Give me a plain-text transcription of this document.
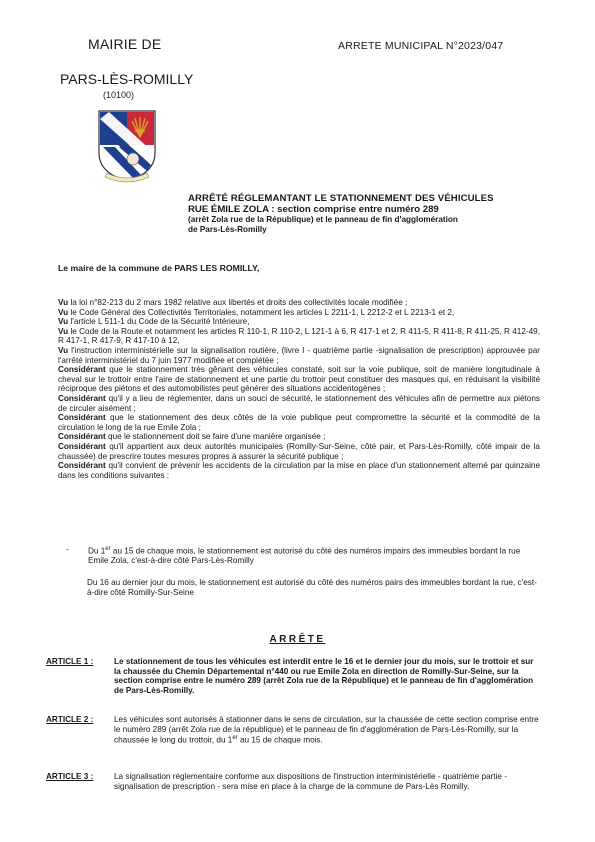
MAIRIE DE
PARS-LÈS-ROMILLY
(10100)
ARRETE MUNICIPAL N°2023/047
ARRÊTÉ RÉGLEMANTANT LE STATIONNEMENT DES VÉHICULES
RUE ÉMILE ZOLA : section comprise entre numéro 289
(arrêt Zola rue de la République) et le panneau de fin d'agglomération
de Pars-Lès-Romilly
Le maire de la commune de PARS LES ROMILLY,

Vu la loi n°82-213 du 2 mars 1982 relative aux libertés et droits des collectivités locale modifiée ;

Vu le Code Général des Collectivités Territoriales, notamment les articles L 2211-1, L 2212-2 et L 2213-1 et 2,

Vu l'article L 511-1 du Code de la Sécurité Intérieure,

Vu le Code de la Route et notamment les articles R 110-1, R 110-2, L 121-1 à 6, R 417-1 et 2, R 411-5, R 411-8, R 411-25, R 412-49, R 417-1, R 417-9, R 417-10 à 12,

Vu l'instruction interministérielle sur la signalisation routière, (livre I - quatrième partie -signalisation de prescription) approuvée par l'arrêté interministériel du 7 juin 1977 modifiée et complétée ;

Considérant que le stationnement très gênant des véhicules constaté, soit sur la voie publique, soit de manière longitudinale à cheval sur le trottoir entre l'aire de stationnement et une partie du trottoir peut constituer des masques qui, en réduisant la visibilité réciproque des piétons et des automobilistes peut générer des situations accidentogènes ;

Considérant qu'il y a lieu de réglementer, dans un souci de sécurité, le stationnement des véhicules afin de permettre aux piétons de circuler aisément ;

Considérant que le stationnement des deux côtés de la voie publique peut compromettre la sécurité et la commodité de la circulation le long de la rue Emile Zola ;

Considérant que le stationnement doit se faire d'une manière organisée ;

Considérant qu'il appartient aux deux autorités municipales (Romilly-Sur-Seine, côté pair, et Pars-Lès-Romilly, côté impair de la chaussée) de prescrire toutes mesures propres à assurer la sécurité publique ;

Considérant qu'il convient de prévenir les accidents de la circulation par la mise en place d'un stationnement alterné par quinzaine dans les conditions suivantes :

- Du 1er au 15 de chaque mois, le stationnement est autorisé du côté des numéros impairs des immeubles bordant la rue Emile Zola, c'est-à-dire côté Pars-Lès-Romilly
Du 16 au dernier jour du mois, le stationnement est autorisé du côté des numéros pairs des immeubles bordant la rue, c'est-à-dire côté Romilly-Sur-Seine
ARRÊTE
ARTICLE 1 :	Le stationnement de tous les véhicules est interdit entre le 16 et le dernier jour du mois, sur le trottoir et sur la chaussée du Chemin Départemental n°440 ou rue Emile Zola en direction de Romilly-Sur-Seine, sur la section comprise entre le numéro 289 (arrêt Zola rue de la République) et le panneau de fin d'agglomération de Pars-Lès-Romilly.
ARTICLE 2 :	Les véhicules sont autorisés à stationner dans le sens de circulation, sur la chaussée de cette section comprise entre le numéro 289 (arrêt Zola rue de la république) et le panneau de fin d'agglomération de Pars-Lès-Romilly, sur la chaussée le long du trottoir, du 1er au 15 de chaque mois.
ARTICLE 3 :	La signalisation réglementaire conforme aux dispositions de l'instruction interministérielle - quatrième partie - signalisation de prescription - sera mise en place à la charge de la commune de Pars-Lès Romilly.
